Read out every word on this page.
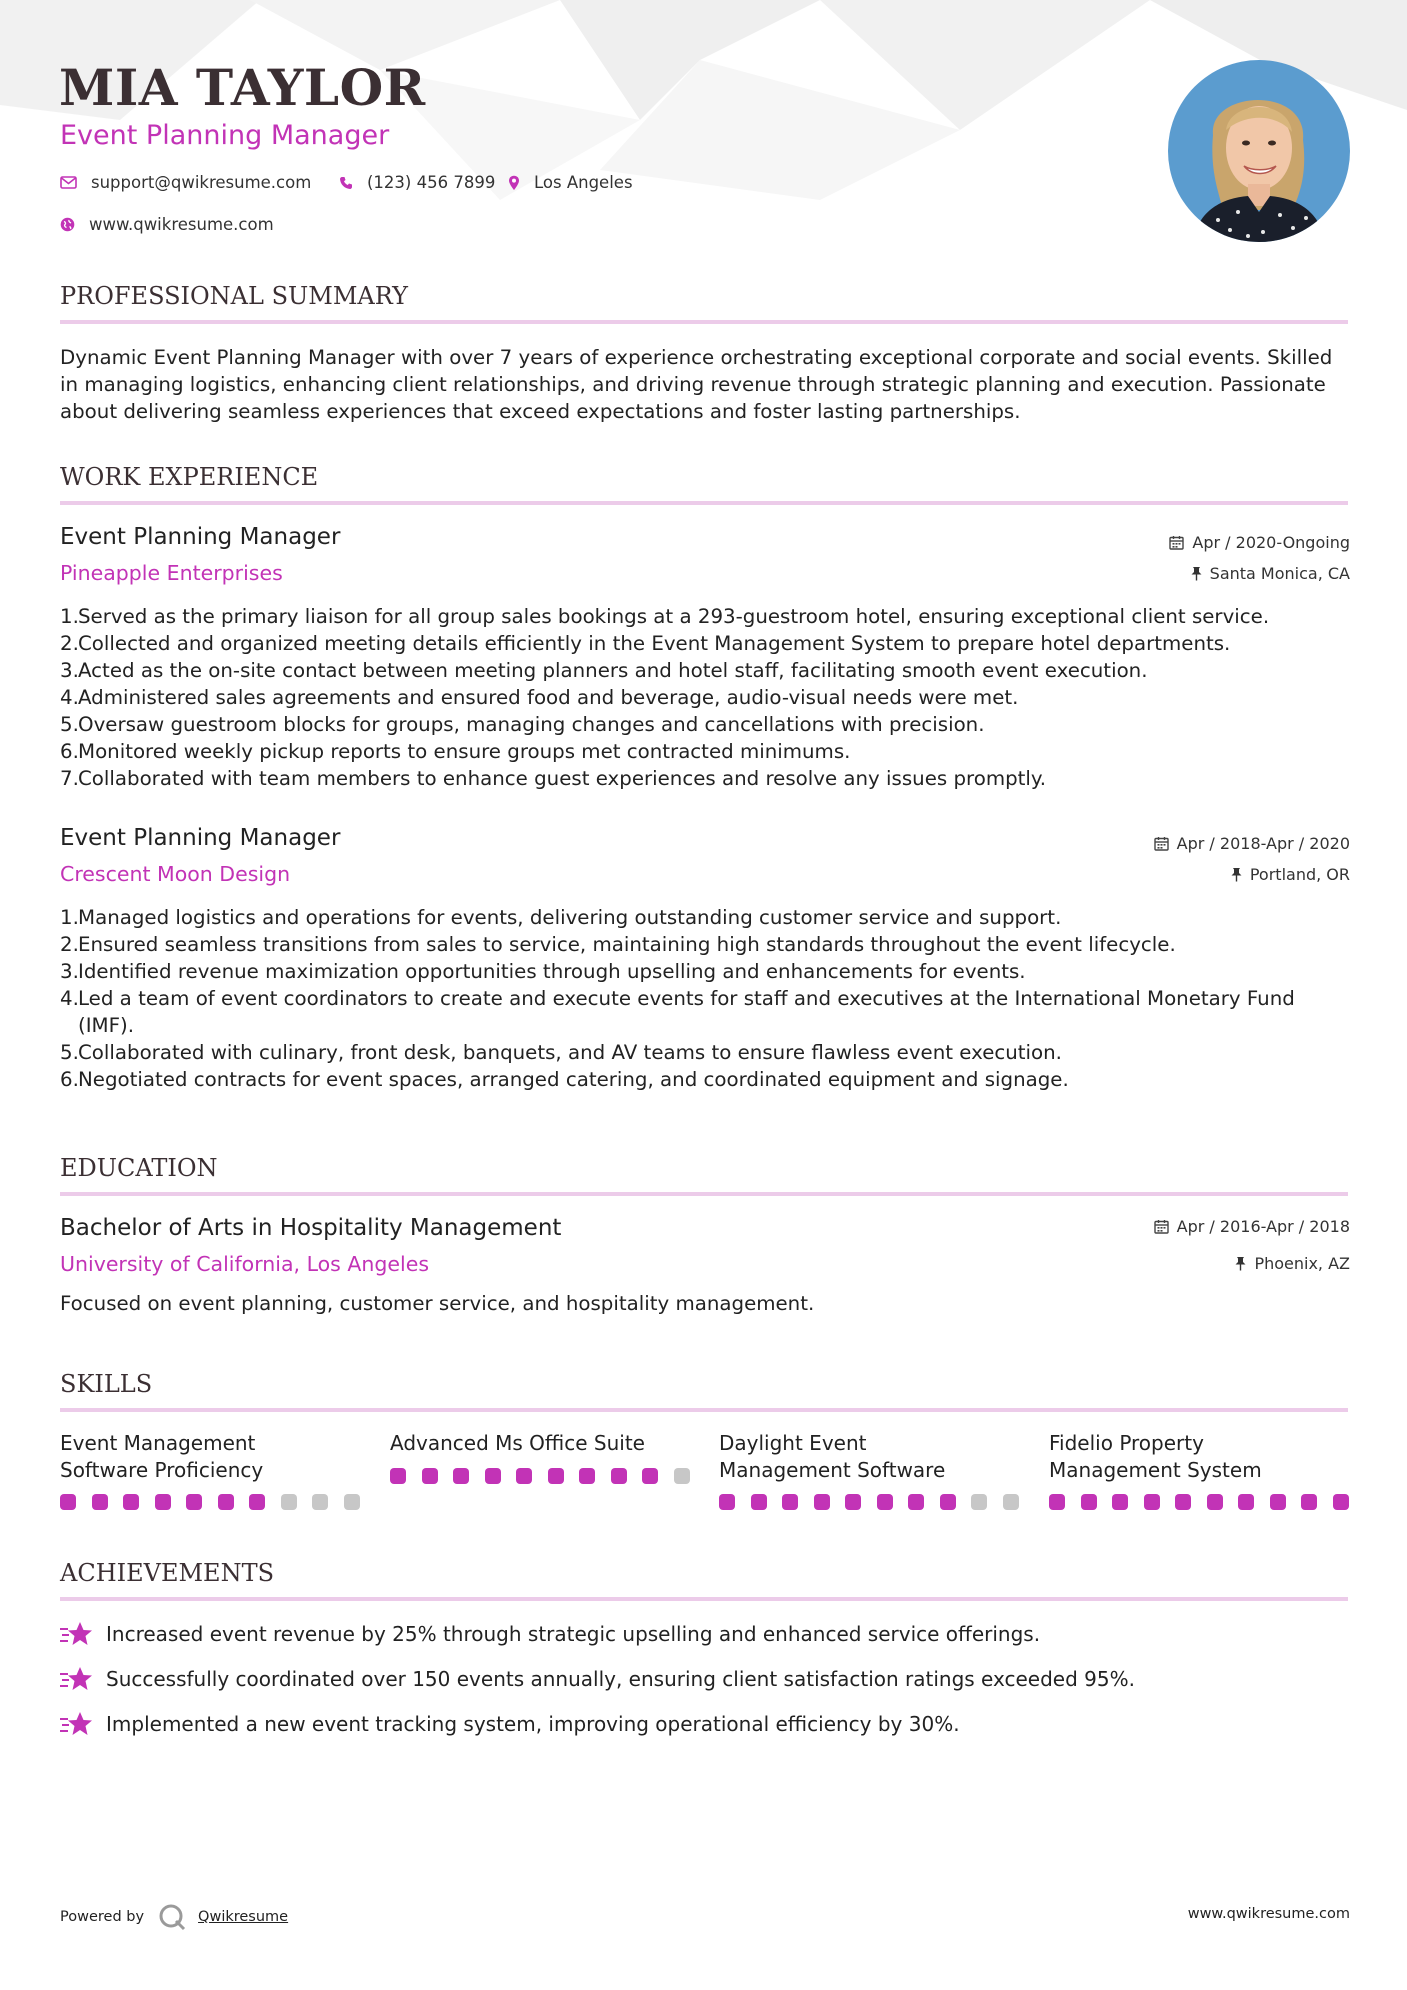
MIA TAYLOR
Event Planning Manager
support@qwikresume.com	(123) 456 7899 Los Angeles
www.qwikresume.com
PROFESSIONAL SUMMARY
Dynamic Event Planning Manager with over 7 years of experience orchestrating exceptional corporate and social events. Skilled in managing logistics, enhancing client relationships, and driving revenue through strategic planning and execution. Passionate about delivering seamless experiences that exceed expectations and foster lasting partnerships.
WORK EXPERIENCE
Event Planning Manager
Pineapple Enterprises
Apr / 2020-Ongoing
Santa Monica, CA
1. Served as the primary liaison for all group sales bookings at a 293-guestroom hotel, ensuring exceptional client service.
2. Collected and organized meeting details efficiently in the Event Management System to prepare hotel departments.
3. Acted as the on-site contact between meeting planners and hotel staff, facilitating smooth event execution.
4. Administered sales agreements and ensured food and beverage, audio-visual needs were met.
5. Oversaw guestroom blocks for groups, managing changes and cancellations with precision.
6. Monitored weekly pickup reports to ensure groups met contracted minimums.
7. Collaborated with team members to enhance guest experiences and resolve any issues promptly.
Event Planning Manager
Crescent Moon Design
Apr / 2018-Apr / 2020
Portland, OR
1. Managed logistics and operations for events, delivering outstanding customer service and support.
2. Ensured seamless transitions from sales to service, maintaining high standards throughout the event lifecycle.
3. Identified revenue maximization opportunities through upselling and enhancements for events.
4. Led a team of event coordinators to create and execute events for staff and executives at the International Monetary Fund (IMF).
5. Collaborated with culinary, front desk, banquets, and AV teams to ensure flawless event execution.
6. Negotiated contracts for event spaces, arranged catering, and coordinated equipment and signage.
EDUCATION
Bachelor of Arts in Hospitality Management
University of California, Los Angeles
Apr / 2016-Apr / 2018
Phoenix, AZ
Focused on event planning, customer service, and hospitality management.
SKILLS
Event Management Software Proficiency
Advanced Ms Office Suite	Daylight Event Management Software
Fidelio Property Management System
ACHIEVEMENTS
Increased event revenue by 25% through strategic upselling and enhanced service offerings.
Successfully coordinated over 150 events annually, ensuring client satisfaction ratings exceeded 95%.
Implemented a new event tracking system, improving operational efficiency by 30%.
Powered by	Qwikresume	www.qwikresume.com
